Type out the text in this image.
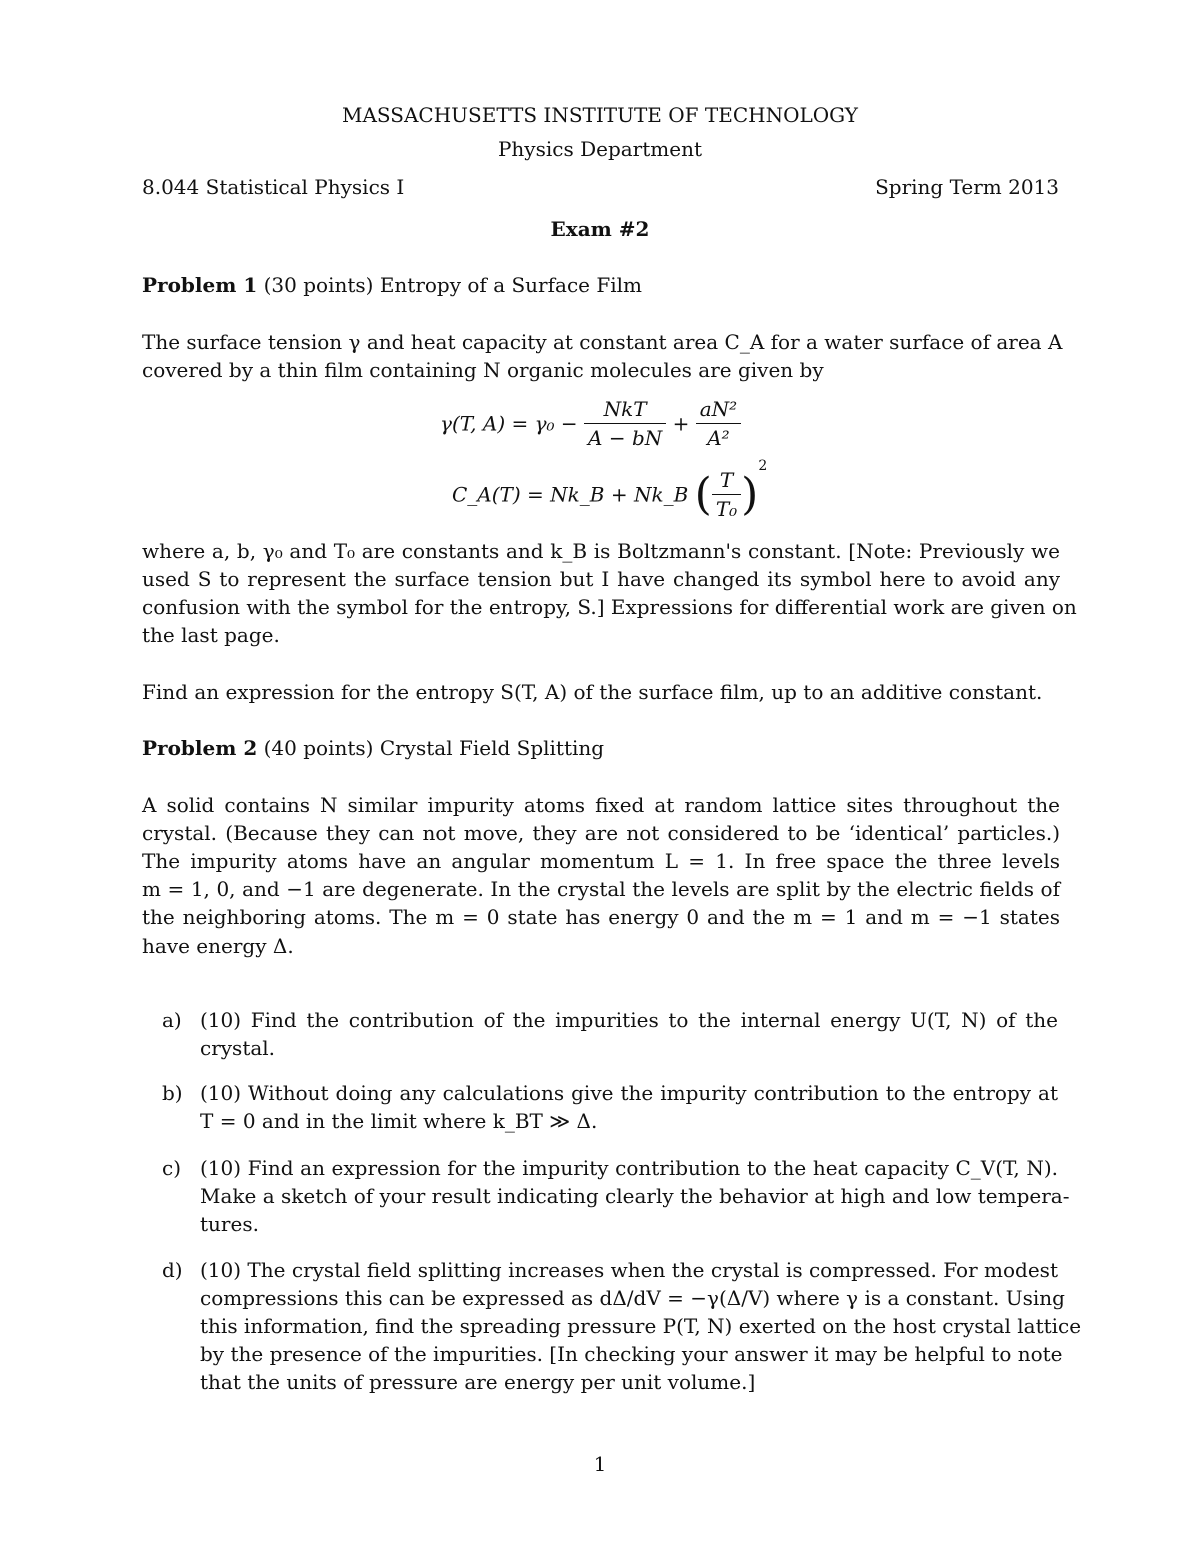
MASSACHUSETTS INSTITUTE OF TECHNOLOGY
Physics Department
8.044 Statistical Physics I	Spring Term 2013
Exam #2
Problem 1 (30 points) Entropy of a Surface Film
The surface tension γ and heat capacity at constant area C_A for a water surface of area A
covered by a thin film containing N organic molecules are given by
γ(T, $A) = \gamma_0 - \frac{\text{NkT}}{A - bN} + \frac{\text{aN²}}{\text{A²}}$
C_A(T) = Nk_B + Nk_B ( $\frac{T}{\text{T₀}} )^2$
where a, b, γ₀ and T₀ are constants and k_B is Boltzmann's constant. [Note: Previously we
used S to represent the surface tension but I have changed its symbol here to avoid any
confusion with the symbol for the entropy, S.] Expressions for differential work are given on
the last page.
Find an expression for the entropy S(T, A) of the surface film, up to an additive constant.
Problem 2 (40 points) Crystal Field Splitting
A solid contains N similar impurity atoms fixed at random lattice sites throughout the
crystal. (Because they can not move, they are not considered to be ‘identical’ particles.)
The impurity atoms have an angular momentum L = 1. In free space the three levels
m = 1, 0, and −1 are degenerate. In the crystal the levels are split by the electric fields of
the neighboring atoms. The m = 0 state has energy 0 and the m = 1 and m = −1 states
have energy Δ.
a) (10) Find the contribution of the impurities to the internal energy U(T, N) of the
crystal.
b) (10) Without doing any calculations give the impurity contribution to the entropy at
T = 0 and in the limit where k_BT ≫ Δ.
c) (10) Find an expression for the impurity contribution to the heat capacity C_V(T, N).
Make a sketch of your result indicating clearly the behavior at high and low tempera-
tures.
d) (10) The crystal field splitting increases when the crystal is compressed. For modest
compressions this can be expressed as dΔ/dV = −γ(Δ/V) where γ is a constant. Using
this information, find the spreading pressure P(T, N) exerted on the host crystal lattice
by the presence of the impurities. [In checking your answer it may be helpful to note
that the units of pressure are energy per unit volume.]
1
